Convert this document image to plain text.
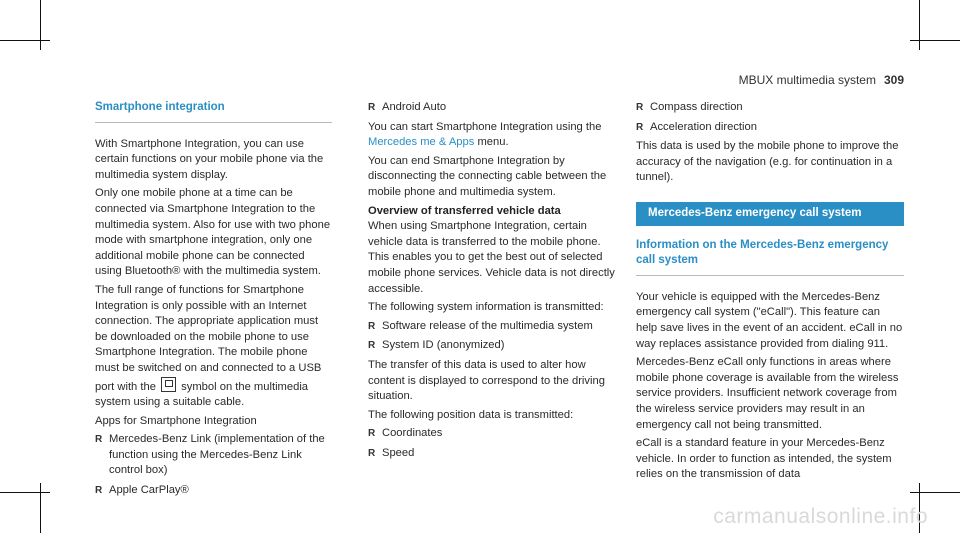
MBUX multimedia system 309
Smartphone integration

With Smartphone Integration, you can use certain functions on your mobile phone via the multimedia system display.

Only one mobile phone at a time can be connected via Smartphone Integration to the multimedia system. Also for use with two phone mode with smartphone integration, only one additional mobile phone can be connected using Bluetooth® with the multimedia system.

The full range of functions for Smartphone Integration is only possible with an Internet connection. The appropriate application must be downloaded on the mobile phone to use Smartphone Integration. The mobile phone must be switched on and connected to a USB port with the symbol on the multimedia system using a suitable cable.

Apps for Smartphone Integration

R Mercedes-Benz Link (implementation of the function using the Mercedes-Benz Link control box)
R Apple CarPlay®
R Android Auto

You can start Smartphone Integration using the Mercedes me & Apps menu.

You can end Smartphone Integration by disconnecting the connecting cable between the mobile phone and multimedia system.

Overview of transferred vehicle data

When using Smartphone Integration, certain vehicle data is transferred to the mobile phone. This enables you to get the best out of selected mobile phone services. Vehicle data is not directly accessible.

The following system information is transmitted:

R Software release of the multimedia system
R System ID (anonymized)

The transfer of this data is used to alter how content is displayed to correspond to the driving situation.

The following position data is transmitted:

R Coordinates
R Speed
R Compass direction
R Acceleration direction

This data is used by the mobile phone to improve the accuracy of the navigation (e.g. for continuation in a tunnel).

Mercedes-Benz emergency call system
Information on the Mercedes-Benz emergency call system

Your vehicle is equipped with the Mercedes-Benz emergency call system ("eCall"). This feature can help save lives in the event of an accident. eCall in no way replaces assistance provided from dialing 911.

Mercedes-Benz eCall only functions in areas where mobile phone coverage is available from the wireless service providers. Insufficient network coverage from the wireless service providers may result in an emergency call not being transmitted.

eCall is a standard feature in your Mercedes-Benz vehicle. In order to function as intended, the system relies on the transmission of data

carmanualsonline.info
